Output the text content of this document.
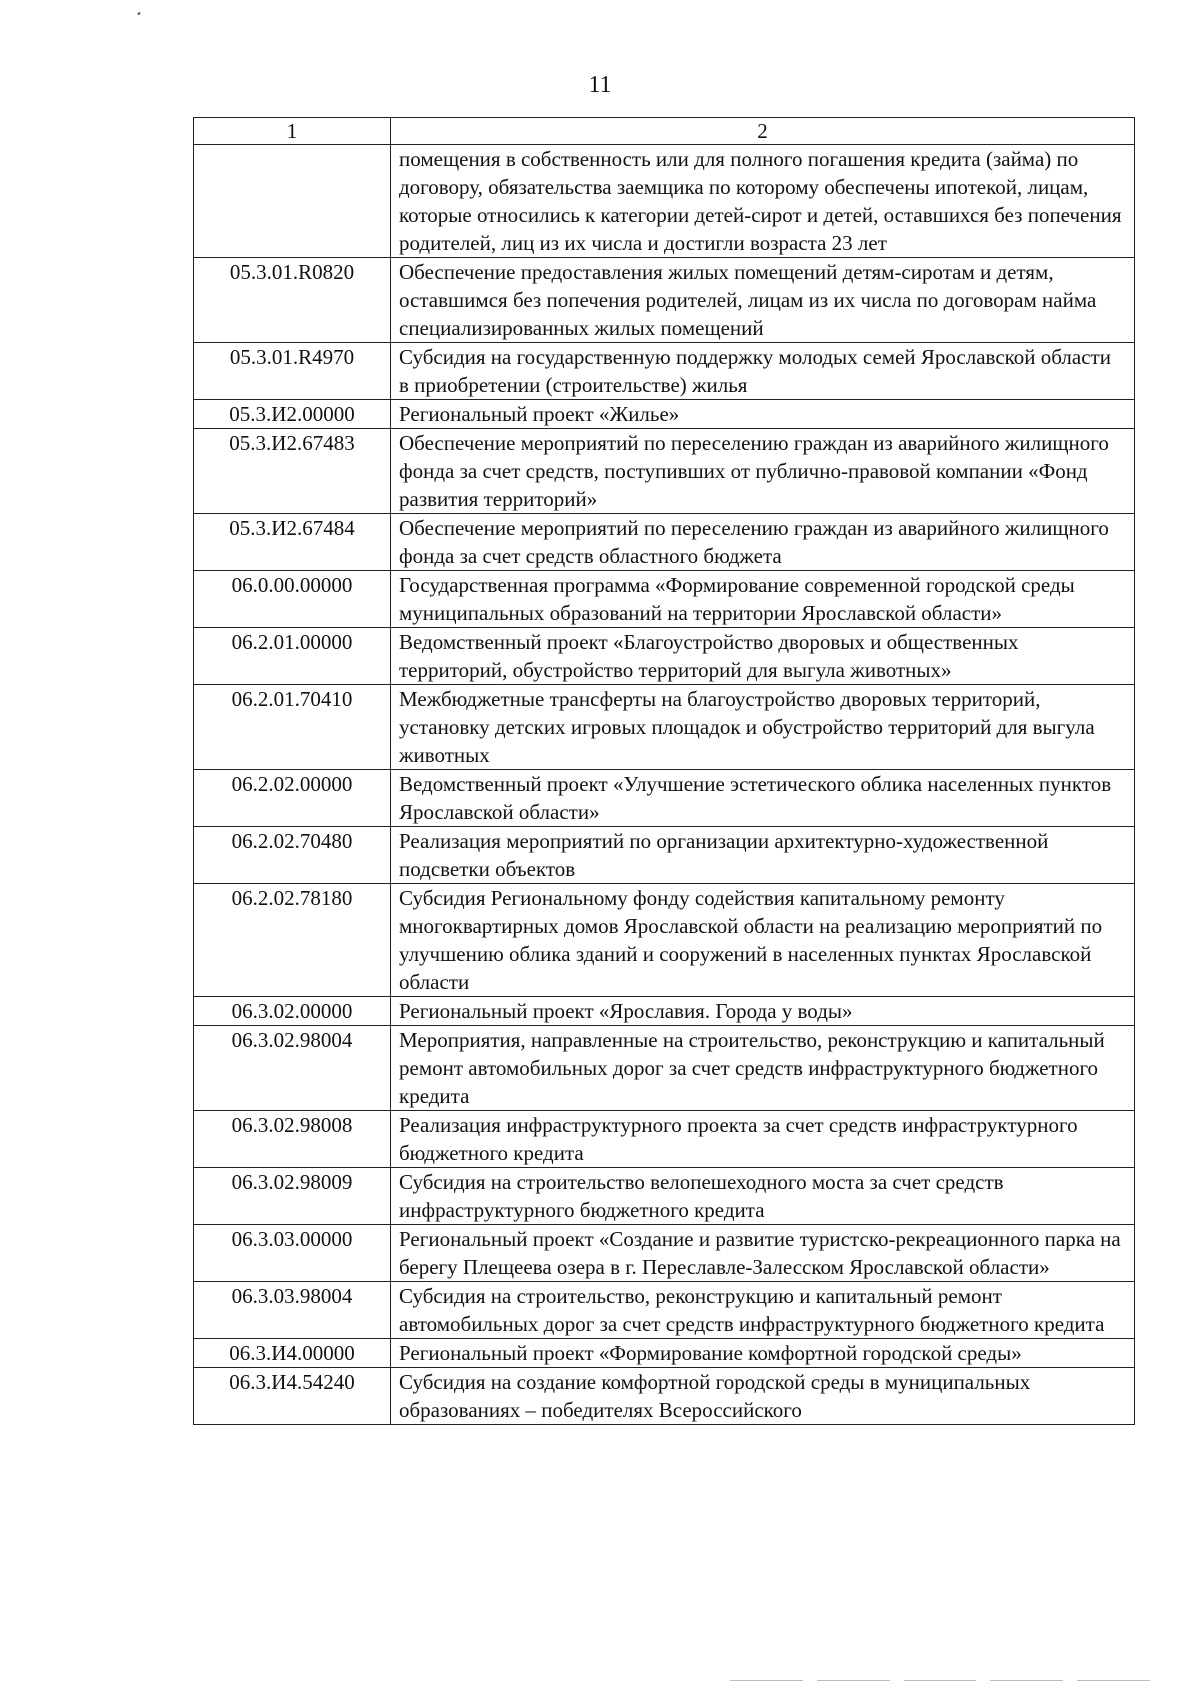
11
1	2
	помещения в собственность или для полного погашения кредита (займа) по договору, обязательства заемщика по которому обеспечены ипотекой, лицам, которые относились к категории детей-сирот и детей, оставшихся без попечения родителей, лиц из их числа и достигли возраста 23 лет
05.3.01.R0820	Обеспечение предоставления жилых помещений детям-сиротам и детям, оставшимся без попечения родителей, лицам из их числа по договорам найма специализированных жилых помещений
05.3.01.R4970	Субсидия на государственную поддержку молодых семей Ярославской области в приобретении (строительстве) жилья
05.3.И2.00000	Региональный проект «Жилье»
05.3.И2.67483	Обеспечение мероприятий по переселению граждан из аварийного жилищного фонда за счет средств, поступивших от публично-правовой компании «Фонд развития территорий»
05.3.И2.67484	Обеспечение мероприятий по переселению граждан из аварийного жилищного фонда за счет средств областного бюджета
06.0.00.00000	Государственная программа «Формирование современной городской среды муниципальных образований на территории Ярославской области»
06.2.01.00000	Ведомственный проект «Благоустройство дворовых и общественных территорий, обустройство территорий для выгула животных»
06.2.01.70410	Межбюджетные трансферты на благоустройство дворовых территорий, установку детских игровых площадок и обустройство территорий для выгула животных
06.2.02.00000	Ведомственный проект «Улучшение эстетического облика населенных пунктов Ярославской области»
06.2.02.70480	Реализация мероприятий по организации архитектурно-художественной подсветки объектов
06.2.02.78180	Субсидия Региональному фонду содействия капитальному ремонту многоквартирных домов Ярославской области на реализацию мероприятий по улучшению облика зданий и сооружений в населенных пунктах Ярославской области
06.3.02.00000	Региональный проект «Ярославия. Города у воды»
06.3.02.98004	Мероприятия, направленные на строительство, реконструкцию и капитальный ремонт автомобильных дорог за счет средств инфраструктурного бюджетного кредита
06.3.02.98008	Реализация инфраструктурного проекта за счет средств инфраструктурного бюджетного кредита
06.3.02.98009	Субсидия на строительство велопешеходного моста за счет средств инфраструктурного бюджетного кредита
06.3.03.00000	Региональный проект «Создание и развитие туристско-рекреационного парка на берегу Плещеева озера в г. Переславле-Залесском Ярославской области»
06.3.03.98004	Субсидия на строительство, реконструкцию и капитальный ремонт автомобильных дорог за счет средств инфраструктурного бюджетного кредита
06.3.И4.00000	Региональный проект «Формирование комфортной городской среды»
06.3.И4.54240	Субсидия на создание комфортной городской среды в муниципальных образованиях – победителях Всероссийского
